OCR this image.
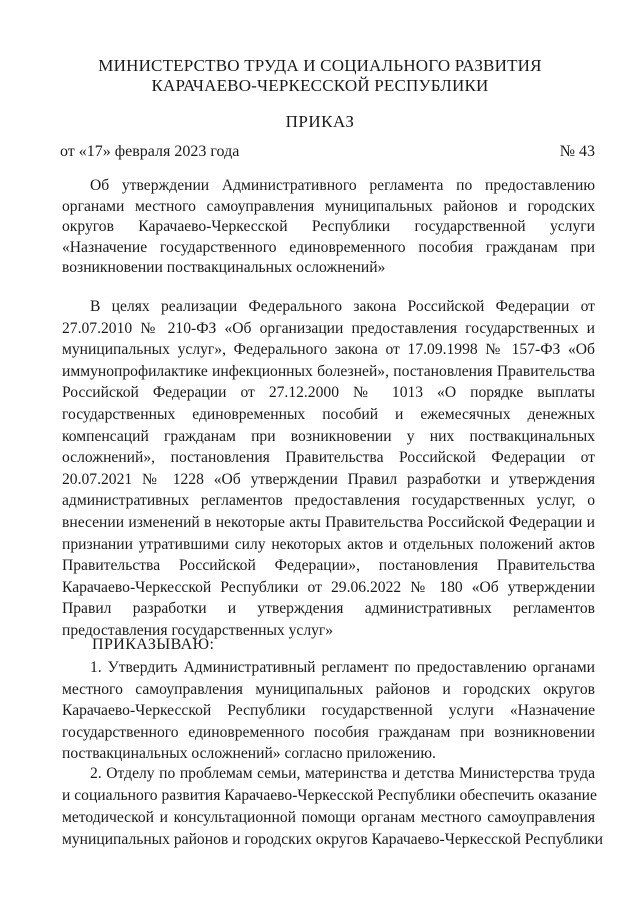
МИНИСТЕРСТВО ТРУДА И СОЦИАЛЬНОГО РАЗВИТИЯ
КАРАЧАЕВО-ЧЕРКЕССКОЙ РЕСПУБЛИКИ
ПРИКАЗ
от «17» февраля 2023 года	№ 43
Об утверждении Административного регламента по предоставлению
органами местного самоуправления муниципальных районов и городских
округов Карачаево-Черкесской Республики государственной услуги
«Назначение государственного единовременного пособия гражданам при
возникновении поствакцинальных осложнений»
В целях реализации Федерального закона Российской Федерации от
27.07.2010 № 210-ФЗ «Об организации предоставления государственных и
муниципальных услуг», Федерального закона от 17.09.1998 № 157-ФЗ «Об
иммунопрофилактике инфекционных болезней», постановления Правительства
Российской Федерации от 27.12.2000 № 1013 «О порядке выплаты
государственных единовременных пособий и ежемесячных денежных
компенсаций гражданам при возникновении у них поствакцинальных
осложнений», постановления Правительства Российской Федерации от
20.07.2021 № 1228 «Об утверждении Правил разработки и утверждения
административных регламентов предоставления государственных услуг, о
внесении изменений в некоторые акты Правительства Российской Федерации и
признании утратившими силу некоторых актов и отдельных положений актов
Правительства Российской Федерации», постановления Правительства
Карачаево-Черкесской Республики от 29.06.2022 № 180 «Об утверждении
Правил разработки и утверждения административных регламентов
предоставления государственных услуг»
ПРИКАЗЫВАЮ:
1. Утвердить Административный регламент по предоставлению органами
местного самоуправления муниципальных районов и городских округов
Карачаево-Черкесской Республики государственной услуги «Назначение
государственного единовременного пособия гражданам при возникновении
поствакцинальных осложнений» согласно приложению.
2. Отделу по проблемам семьи, материнства и детства Министерства труда
и социального развития Карачаево-Черкесской Республики обеспечить оказание
методической и консультационной помощи органам местного самоуправления
муниципальных районов и городских округов Карачаево-Черкесской Республики
